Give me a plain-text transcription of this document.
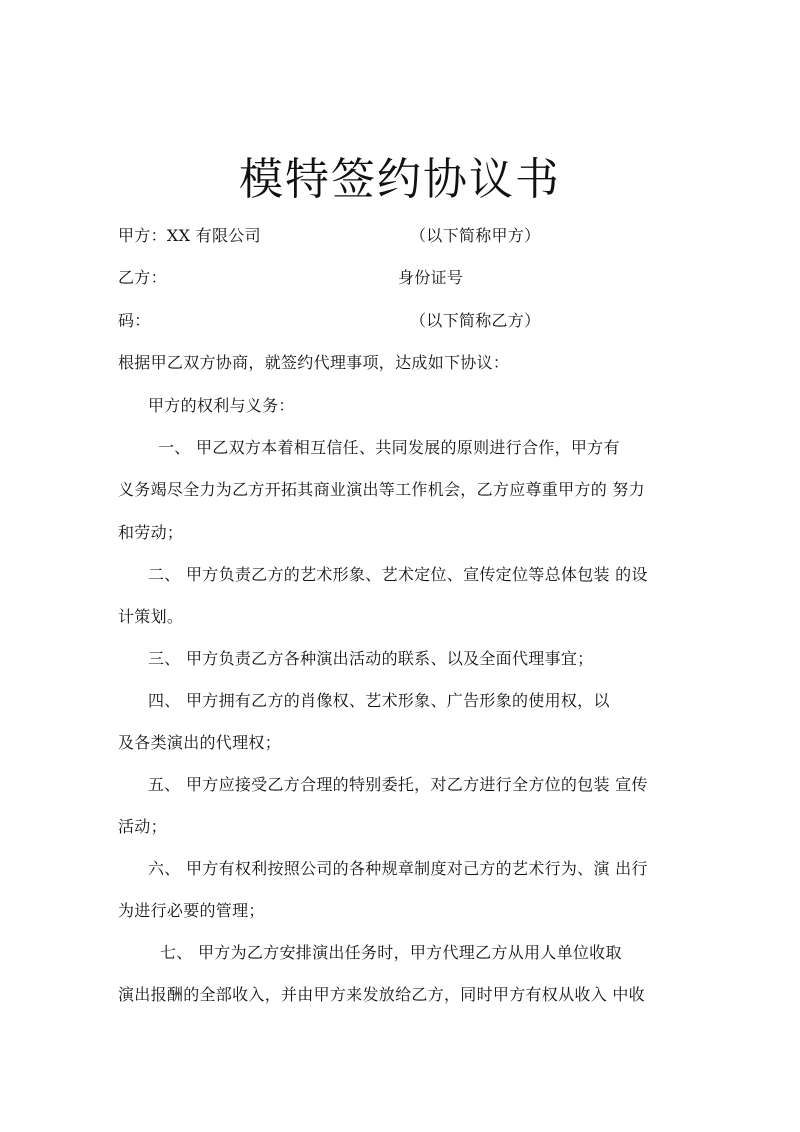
模特签约协议书
甲方：XX 有限公司	（以下简称甲方）
乙方：	身份证号
码：	（以下简称乙方）
根据甲乙双方协商，就签约代理事项，达成如下协议：
甲方的权利与义务：
一、 甲乙双方本着相互信任、共同发展的原则进行合作，甲方有
义务竭尽全力为乙方开拓其商业演出等工作机会，乙方应尊重甲方的 努力
和劳动；
二、 甲方负责乙方的艺术形象、艺术定位、宣传定位等总体包装 的设
计策划。
三、 甲方负责乙方各种演出活动的联系、以及全面代理事宜；
四、 甲方拥有乙方的肖像权、艺术形象、广告形象的使用权，以
及各类演出的代理权；
五、 甲方应接受乙方合理的特别委托，对乙方进行全方位的包装 宣传
活动；
六、 甲方有权利按照公司的各种规章制度对己方的艺术行为、演 出行
为进行必要的管理；
七、 甲方为乙方安排演出任务时，甲方代理乙方从用人单位收取
演出报酬的全部收入，并由甲方来发放给乙方，同时甲方有权从收入 中收
